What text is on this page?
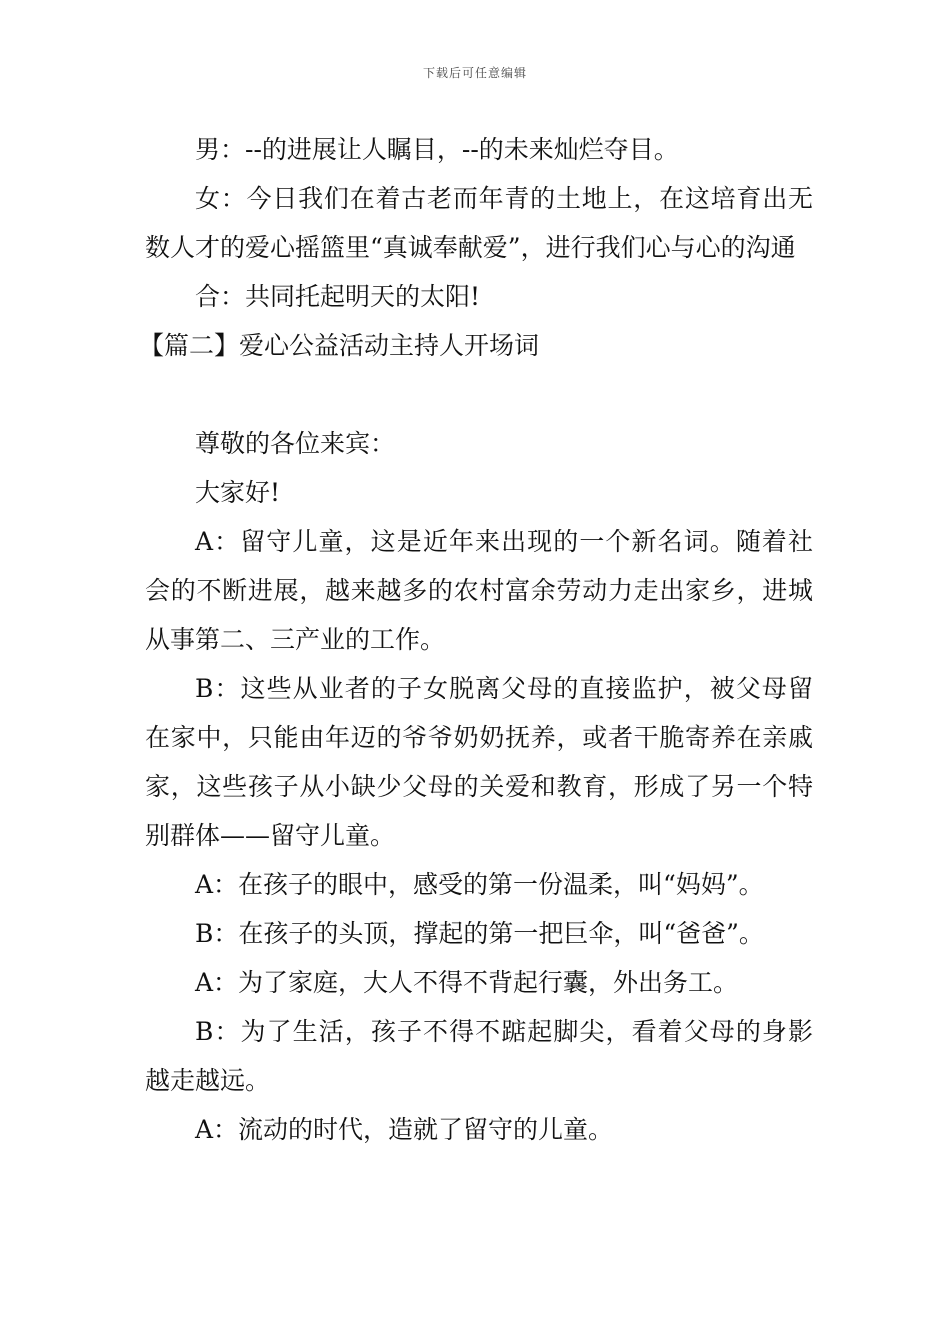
下载后可任意编辑

男：--的进展让人瞩目，--的未来灿烂夺目。

女：今日我们在着古老而年青的土地上，在这培育出无数人才的爱心摇篮里“真诚奉献爱”，进行我们心与心的沟通

合：共同托起明天的太阳!

【篇二】爱心公益活动主持人开场词

尊敬的各位来宾：

大家好!

A：留守儿童，这是近年来出现的一个新名词。随着社会的不断进展，越来越多的农村富余劳动力走出家乡，进城从事第二、三产业的工作。

B：这些从业者的子女脱离父母的直接监护，被父母留在家中，只能由年迈的爷爷奶奶抚养，或者干脆寄养在亲戚家，这些孩子从小缺少父母的关爱和教育，形成了另一个特别群体——留守儿童。

A：在孩子的眼中，感受的第一份温柔，叫“妈妈”。

B：在孩子的头顶，撑起的第一把巨伞，叫“爸爸”。

A：为了家庭，大人不得不背起行囊，外出务工。

B：为了生活，孩子不得不踮起脚尖，看着父母的身影越走越远。

A：流动的时代，造就了留守的儿童。
